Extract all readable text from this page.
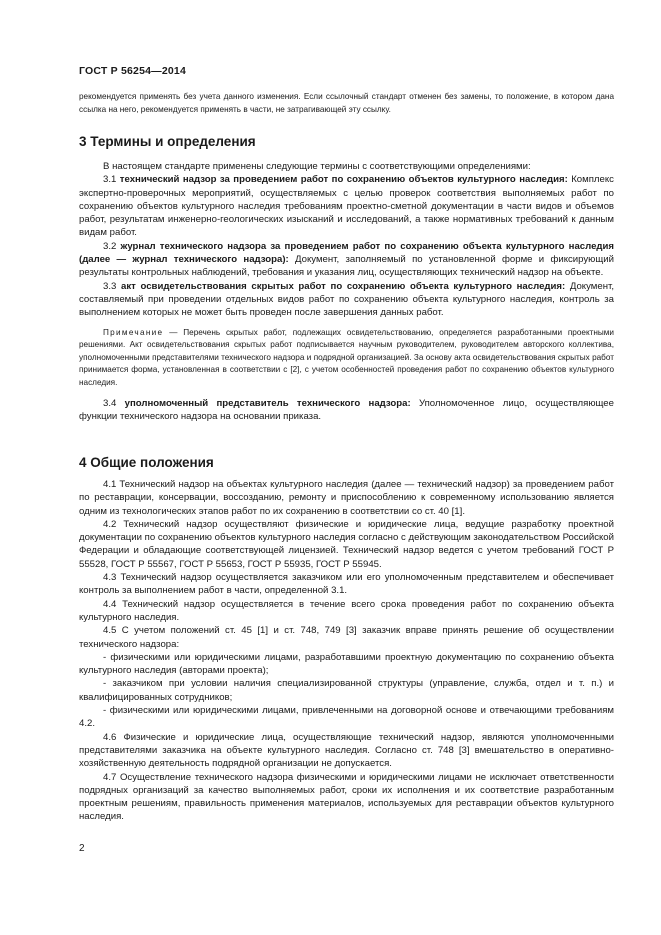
ГОСТ Р 56254—2014

рекомендуется применять без учета данного изменения. Если ссылочный стандарт отменен без замены, то положение, в котором дана ссылка на него, рекомендуется применять в части, не затрагивающей эту ссылку.

3 Термины и определения

В настоящем стандарте применены следующие термины с соответствующими определениями:

3.1 технический надзор за проведением работ по сохранению объектов культурного наследия: Комплекс экспертно-проверочных мероприятий, осуществляемых с целью проверок соответствия выполняемых работ по сохранению объектов культурного наследия требованиям проектно-сметной документации в части видов и объемов работ, результатам инженерно-геологических изысканий и исследований, а также нормативных требований к данным видам работ.

3.2 журнал технического надзора за проведением работ по сохранению объекта культурного наследия (далее — журнал технического надзора): Документ, заполняемый по установленной форме и фиксирующий результаты контрольных наблюдений, требования и указания лиц, осуществляющих технический надзор на объекте.

3.3 акт освидетельствования скрытых работ по сохранению объекта культурного наследия: Документ, составляемый при проведении отдельных видов работ по сохранению объекта культурного наследия, контроль за выполнением которых не может быть проведен после завершения данных работ.

Примечание — Перечень скрытых работ, подлежащих освидетельствованию, определяется разработанными проектными решениями. Акт освидетельствования скрытых работ подписывается научным руководителем, руководителем авторского коллектива, уполномоченными представителями технического надзора и подрядной организацией. За основу акта освидетельствования скрытых работ принимается форма, установленная в соответствии с [2], с учетом особенностей проведения работ по сохранению объектов культурного наследия.

3.4 уполномоченный представитель технического надзора: Уполномоченное лицо, осуществляющее функции технического надзора на основании приказа.

4 Общие положения

4.1 Технический надзор на объектах культурного наследия (далее — технический надзор) за проведением работ по реставрации, консервации, воссозданию, ремонту и приспособлению к современному использованию является одним из технологических этапов работ по их сохранению в соответствии со ст. 40 [1].

4.2 Технический надзор осуществляют физические и юридические лица, ведущие разработку проектной документации по сохранению объектов культурного наследия согласно с действующим законодательством Российской Федерации и обладающие соответствующей лицензией. Технический надзор ведется с учетом требований ГОСТ Р 55528, ГОСТ Р 55567, ГОСТ Р 55653, ГОСТ Р 55935, ГОСТ Р 55945.

4.3 Технический надзор осуществляется заказчиком или его уполномоченным представителем и обеспечивает контроль за выполнением работ в части, определенной 3.1.

4.4 Технический надзор осуществляется в течение всего срока проведения работ по сохранению объекта культурного наследия.

4.5 С учетом положений ст. 45 [1] и ст. 748, 749 [3] заказчик вправе принять решение об осуществлении технического надзора:

- физическими или юридическими лицами, разработавшими проектную документацию по сохранению объекта культурного наследия (авторами проекта);

- заказчиком при условии наличия специализированной структуры (управление, служба, отдел и т. п.) и квалифицированных сотрудников;

- физическими или юридическими лицами, привлеченными на договорной основе и отвечающими требованиям 4.2.

4.6 Физические и юридические лица, осуществляющие технический надзор, являются уполномоченными представителями заказчика на объекте культурного наследия. Согласно ст. 748 [3] вмешательство в оперативно-хозяйственную деятельность подрядной организации не допускается.

4.7 Осуществление технического надзора физическими и юридическими лицами не исключает ответственности подрядных организаций за качество выполняемых работ, сроки их исполнения и их соответствие разработанным проектным решениям, правильность применения материалов, используемых для реставрации объектов культурного наследия.

2
